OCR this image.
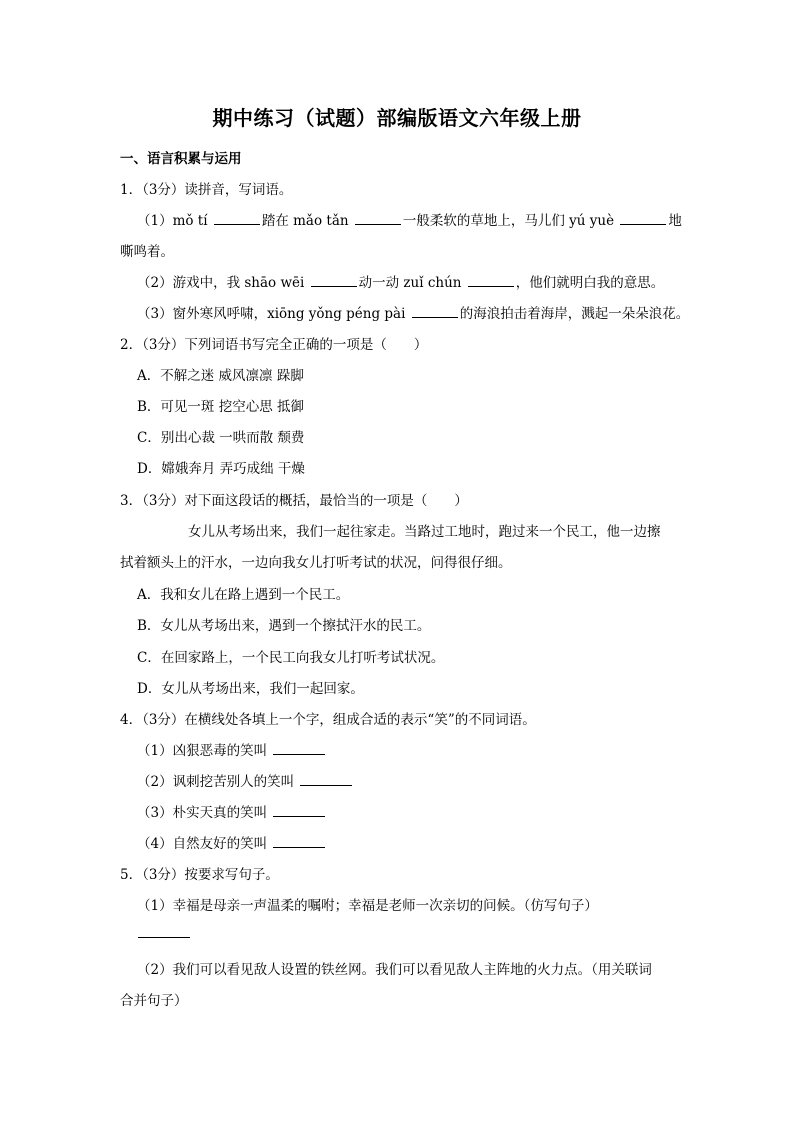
期中练习（试题）部编版语文六年级上册
一、语言积累与运用
1．（3分）读拼音，写词语。
（1）mǒ tí	踏在 mǎo tǎn	一般柔软的草地上，马儿们 yú yuè	地
嘶鸣着。
（2）游戏中，我 shāo wēi	动一动 zuǐ chún	，他们就明白我的意思。
（3）窗外寒风呼啸，xiōng yǒng péng pài	的海浪拍击着海岸，溅起一朵朵浪花。
2．（3分）下列词语书写完全正确的一项是（　　）
A．不解之迷 威风凛凛 跺脚
B．可见一斑 挖空心思 抵御
C．别出心裁 一哄而散 颓费
D．嫦娥奔月 弄巧成绌 干燥
3．（3分）对下面这段话的概括，最恰当的一项是（　　）
女儿从考场出来，我们一起往家走。当路过工地时，跑过来一个民工，他一边擦
拭着额头上的汗水，一边向我女儿打听考试的状况，问得很仔细。
A．我和女儿在路上遇到一个民工。
B．女儿从考场出来，遇到一个擦拭汗水的民工。
C．在回家路上，一个民工向我女儿打听考试状况。
D．女儿从考场出来，我们一起回家。
4．（3分）在横线处各填上一个字，组成合适的表示“笑”的不同词语。
（1）凶狠恶毒的笑叫
（2）讽刺挖苦别人的笑叫
（3）朴实天真的笑叫
（4）自然友好的笑叫
5．（3分）按要求写句子。
（1）幸福是母亲一声温柔的嘱咐；幸福是老师一次亲切的问候。（仿写句子）
（2）我们可以看见敌人设置的铁丝网。我们可以看见敌人主阵地的火力点。（用关联词
合并句子）
